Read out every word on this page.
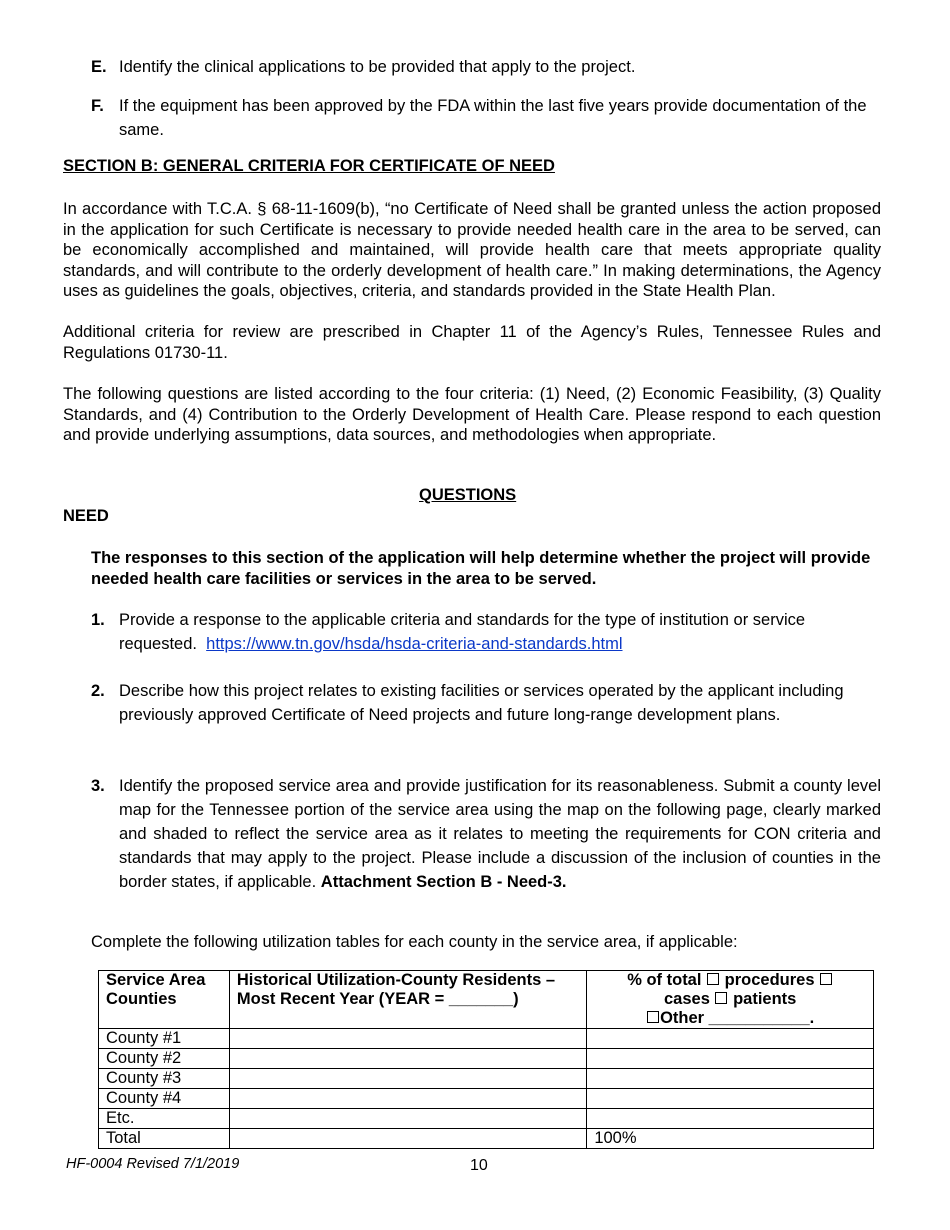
E. Identify the clinical applications to be provided that apply to the project.
F. If the equipment has been approved by the FDA within the last five years provide documentation of the same.
SECTION B: GENERAL CRITERIA FOR CERTIFICATE OF NEED
In accordance with T.C.A. § 68-11-1609(b), “no Certificate of Need shall be granted unless the action proposed in the application for such Certificate is necessary to provide needed health care in the area to be served, can be economically accomplished and maintained, will provide health care that meets appropriate quality standards, and will contribute to the orderly development of health care.” In making determinations, the Agency uses as guidelines the goals, objectives, criteria, and standards provided in the State Health Plan.
Additional criteria for review are prescribed in Chapter 11 of the Agency’s Rules, Tennessee Rules and Regulations 01730-11.
The following questions are listed according to the four criteria: (1) Need, (2) Economic Feasibility, (3) Quality Standards, and (4) Contribution to the Orderly Development of Health Care. Please respond to each question and provide underlying assumptions, data sources, and methodologies when appropriate.
QUESTIONS
NEED
The responses to this section of the application will help determine whether the project will provide needed health care facilities or services in the area to be served.
1. Provide a response to the applicable criteria and standards for the type of institution or service requested. https://www.tn.gov/hsda/hsda-criteria-and-standards.html
2. Describe how this project relates to existing facilities or services operated by the applicant including previously approved Certificate of Need projects and future long-range development plans.
3. Identify the proposed service area and provide justification for its reasonableness. Submit a county level map for the Tennessee portion of the service area using the map on the following page, clearly marked and shaded to reflect the service area as it relates to meeting the requirements for CON criteria and standards that may apply to the project. Please include a discussion of the inclusion of counties in the border states, if applicable. Attachment Section B - Need-3.
Complete the following utilization tables for each county in the service area, if applicable:
Service Area Counties	Historical Utilization-County Residents – Most Recent Year (YEAR = _______)	% of total procedures
cases patients
Other ___________.
County #1		
County #2		
County #3		
County #4		
Etc.		
Total		100%
HF-0004 Revised 7/1/2019	10
